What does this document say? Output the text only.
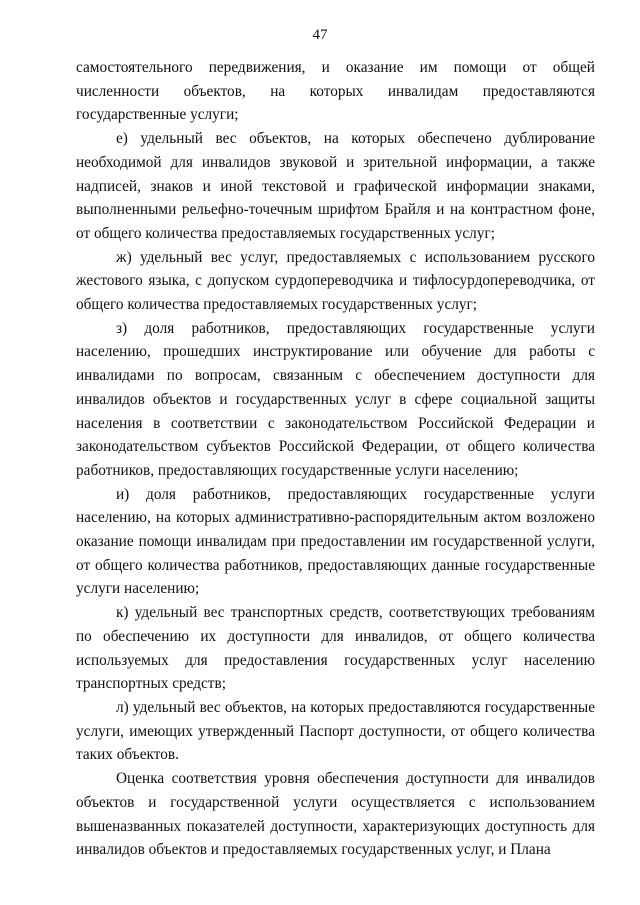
47

самостоятельного передвижения, и оказание им помощи от общей численности объектов, на которых инвалидам предоставляются государственные услуги;

е) удельный вес объектов, на которых обеспечено дублирование необходимой для инвалидов звуковой и зрительной информации, а также надписей, знаков и иной текстовой и графической информации знаками, выполненными рельефно-точечным шрифтом Брайля и на контрастном фоне, от общего количества предоставляемых государственных услуг;

ж) удельный вес услуг, предоставляемых с использованием русского жестового языка, с допуском сурдопереводчика и тифлосурдопереводчика, от общего количества предоставляемых государственных услуг;

з) доля работников, предоставляющих государственные услуги населению, прошедших инструктирование или обучение для работы с инвалидами по вопросам, связанным с обеспечением доступности для инвалидов объектов и государственных услуг в сфере социальной защиты населения в соответствии с законодательством Российской Федерации и законодательством субъектов Российской Федерации, от общего количества работников, предоставляющих государственные услуги населению;

и) доля работников, предоставляющих государственные услуги населению, на которых административно-распорядительным актом возложено оказание помощи инвалидам при предоставлении им государственной услуги, от общего количества работников, предоставляющих данные государственные услуги населению;

к) удельный вес транспортных средств, соответствующих требованиям по обеспечению их доступности для инвалидов, от общего количества используемых для предоставления государственных услуг населению транспортных средств;

л) удельный вес объектов, на которых предоставляются государственные услуги, имеющих утвержденный Паспорт доступности, от общего количества таких объектов.

Оценка соответствия уровня обеспечения доступности для инвалидов объектов и государственной услуги осуществляется с использованием вышеназванных показателей доступности, характеризующих доступность для инвалидов объектов и предоставляемых государственных услуг, и Плана
